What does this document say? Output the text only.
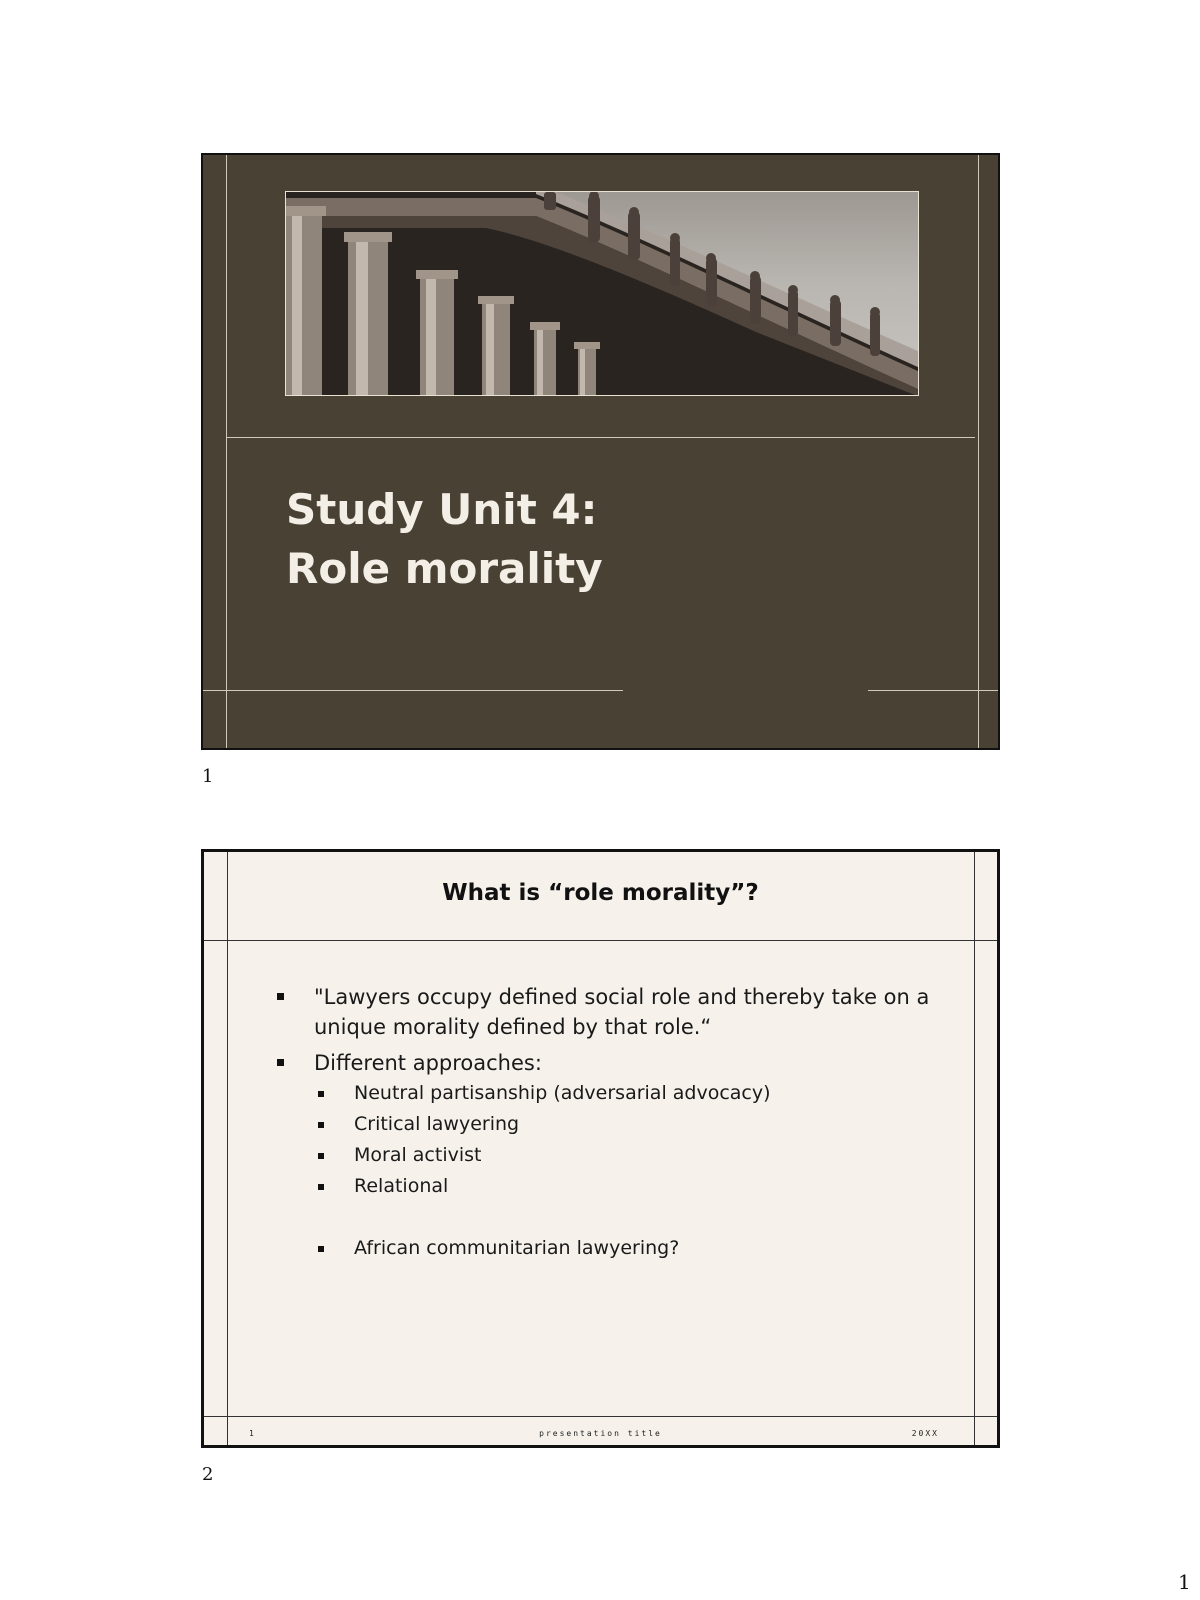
Study Unit 4:
Role morality
1
What is “role morality”?
"Lawyers occupy defined social role and thereby take on a unique morality defined by that role.“
Different approaches:
Neutral partisanship (adversarial advocacy)
Critical lawyering
Moral activist
Relational
African communitarian lawyering?
1	presentation title	20XX
2
1
